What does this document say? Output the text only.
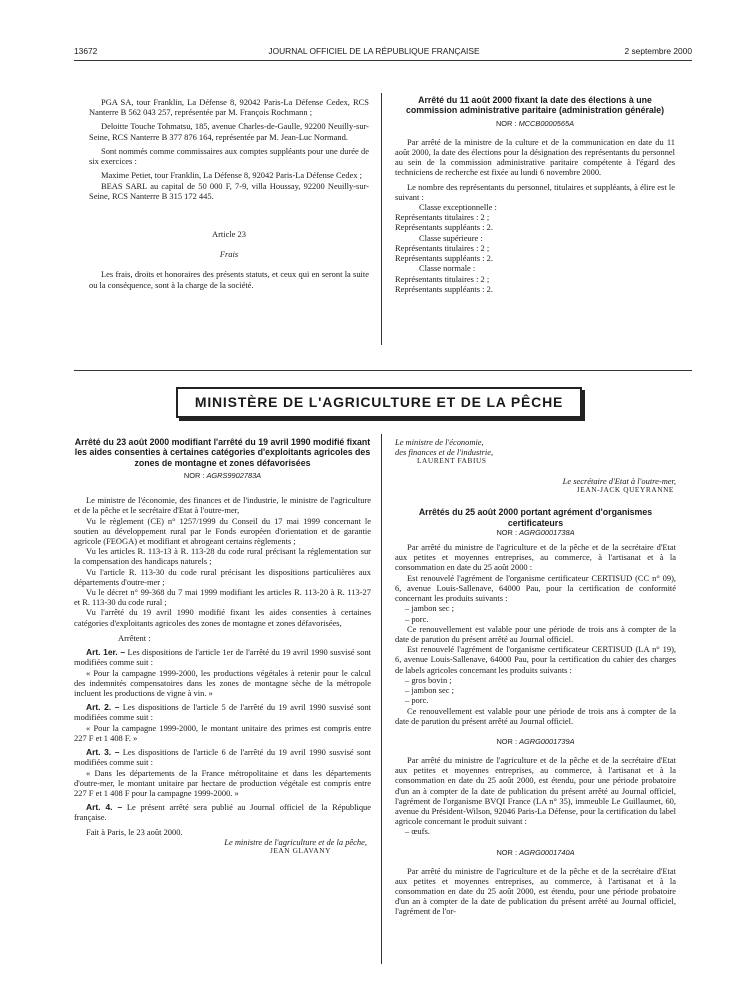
13672	JOURNAL OFFICIEL DE LA RÉPUBLIQUE FRANÇAISE	2 septembre 2000

PGA SA, tour Franklin, La Défense 8, 92042 Paris-La Défense Cedex, RCS Nanterre B 562 043 257, représentée par M. François Rochmann ;

Deloitte Touche Tohmatsu, 185, avenue Charles-de-Gaulle, 92200 Neuilly-sur-Seine, RCS Nanterre B 377 876 164, représentée par M. Jean-Luc Normand.

Sont nommés comme commissaires aux comptes suppléants pour une durée de six exercices :

Maxime Petiet, tour Franklin, La Défense 8, 92042 Paris-La Défense Cedex ;

BEAS SARL au capital de 50 000 F, 7-9, villa Houssay, 92200 Neuilly-sur-Seine, RCS Nanterre B 315 172 445.

Article 23

Frais

Les frais, droits et honoraires des présents statuts, et ceux qui en seront la suite ou la conséquence, sont à la charge de la société.

Arrêté du 11 août 2000 fixant la date des élections à une commission administrative paritaire (administration générale)

NOR : MCCB0000565A

Par arrêté de la ministre de la culture et de la communication en date du 11 août 2000, la date des élections pour la désignation des représentants du personnel au sein de la commission administrative paritaire compétente à l'égard des techniciens de recherche est fixée au lundi 6 novembre 2000.

Le nombre des représentants du personnel, titulaires et suppléants, à élire est le suivant :

Classe exceptionnelle :

Représentants titulaires : 2 ;

Représentants suppléants : 2.

Classe supérieure :

Représentants titulaires : 2 ;

Représentants suppléants : 2.

Classe normale :

Représentants titulaires : 2 ;

Représentants suppléants : 2.

MINISTÈRE DE L'AGRICULTURE ET DE LA PÊCHE

Arrêté du 23 août 2000 modifiant l'arrêté du 19 avril 1990 modifié fixant les aides consenties à certaines catégories d'exploitants agricoles des zones de montagne et zones défavorisées

NOR : AGRS9902783A

Le ministre de l'économie, des finances et de l'industrie, le ministre de l'agriculture et de la pêche et le secrétaire d'Etat à l'outre-mer,

Vu le règlement (CE) n° 1257/1999 du Conseil du 17 mai 1999 concernant le soutien au développement rural par le Fonds européen d'orientation et de garantie agricole (FEOGA) et modifiant et abrogeant certains règlements ;

Vu les articles R. 113-13 à R. 113-28 du code rural précisant la réglementation sur la compensation des handicaps naturels ;

Vu l'article R. 113-30 du code rural précisant les dispositions particulières aux départements d'outre-mer ;

Vu le décret n° 99-368 du 7 mai 1999 modifiant les articles R. 113-20 à R. 113-27 et R. 113-30 du code rural ;

Vu l'arrêté du 19 avril 1990 modifié fixant les aides consenties à certaines catégories d'exploitants agricoles des zones de montagne et zones défavorisées,

Arrêtent :

Art. 1er. – Les dispositions de l'article 1er de l'arrêté du 19 avril 1990 susvisé sont modifiées comme suit :

« Pour la campagne 1999-2000, les productions végétales à retenir pour le calcul des indemnités compensatoires dans les zones de montagne sèche de la métropole incluent les productions de vigne à vin. »

Art. 2. – Les dispositions de l'article 5 de l'arrêté du 19 avril 1990 susvisé sont modifiées comme suit :

« Pour la campagne 1999-2000, le montant unitaire des primes est compris entre 227 F et 1 408 F. »

Art. 3. – Les dispositions de l'article 6 de l'arrêté du 19 avril 1990 susvisé sont modifiées comme suit :

« Dans les départements de la France métropolitaine et dans les départements d'outre-mer, le montant unitaire par hectare de production végétale est compris entre 227 F et 1 408 F pour la campagne 1999-2000. »

Art. 4. – Le présent arrêté sera publié au Journal officiel de la République française.

Fait à Paris, le 23 août 2000.

Le ministre de l'agriculture et de la pêche,

JEAN GLAVANY

Le ministre de l'économie,

des finances et de l'industrie,

LAURENT FABIUS

Le secrétaire d'Etat à l'outre-mer,

JEAN-JACK QUEYRANNE

Arrêtés du 25 août 2000 portant agrément d'organismes certificateurs

NOR : AGRG0001738A

Par arrêté du ministre de l'agriculture et de la pêche et de la secrétaire d'Etat aux petites et moyennes entreprises, au commerce, à l'artisanat et à la consommation en date du 25 août 2000 :

Est renouvelé l'agrément de l'organisme certificateur CERTISUD (CC n° 09), 6, avenue Louis-Sallenave, 64000 Pau, pour la certification de conformité concernant les produits suivants :

– jambon sec ;

– porc.

Ce renouvellement est valable pour une période de trois ans à compter de la date de parution du présent arrêté au Journal officiel.

Est renouvelé l'agrément de l'organisme certificateur CERTISUD (LA n° 19), 6, avenue Louis-Sallenave, 64000 Pau, pour la certification du cahier des charges de labels agricoles concernant les produits suivants :

– gros bovin ;

– jambon sec ;

– porc.

Ce renouvellement est valable pour une période de trois ans à compter de la date de parution du présent arrêté au Journal officiel.

NOR : AGRG0001739A

Par arrêté du ministre de l'agriculture et de la pêche et de la secrétaire d'Etat aux petites et moyennes entreprises, au commerce, à l'artisanat et à la consommation en date du 25 août 2000, est étendu, pour une période probatoire d'un an à compter de la date de publication du présent arrêté au Journal officiel, l'agrément de l'organisme BVQI France (LA n° 35), immeuble Le Guillaumet, 60, avenue du Président-Wilson, 92046 Paris-La Défense, pour la certification du label agricole concernant le produit suivant :

– œufs.

NOR : AGRG0001740A

Par arrêté du ministre de l'agriculture et de la pêche et de la secrétaire d'Etat aux petites et moyennes entreprises, au commerce, à l'artisanat et à la consommation en date du 25 août 2000, est étendu, pour une période probatoire d'un an à compter de la date de publication du présent arrêté au Journal officiel, l'agrément de l'or-
